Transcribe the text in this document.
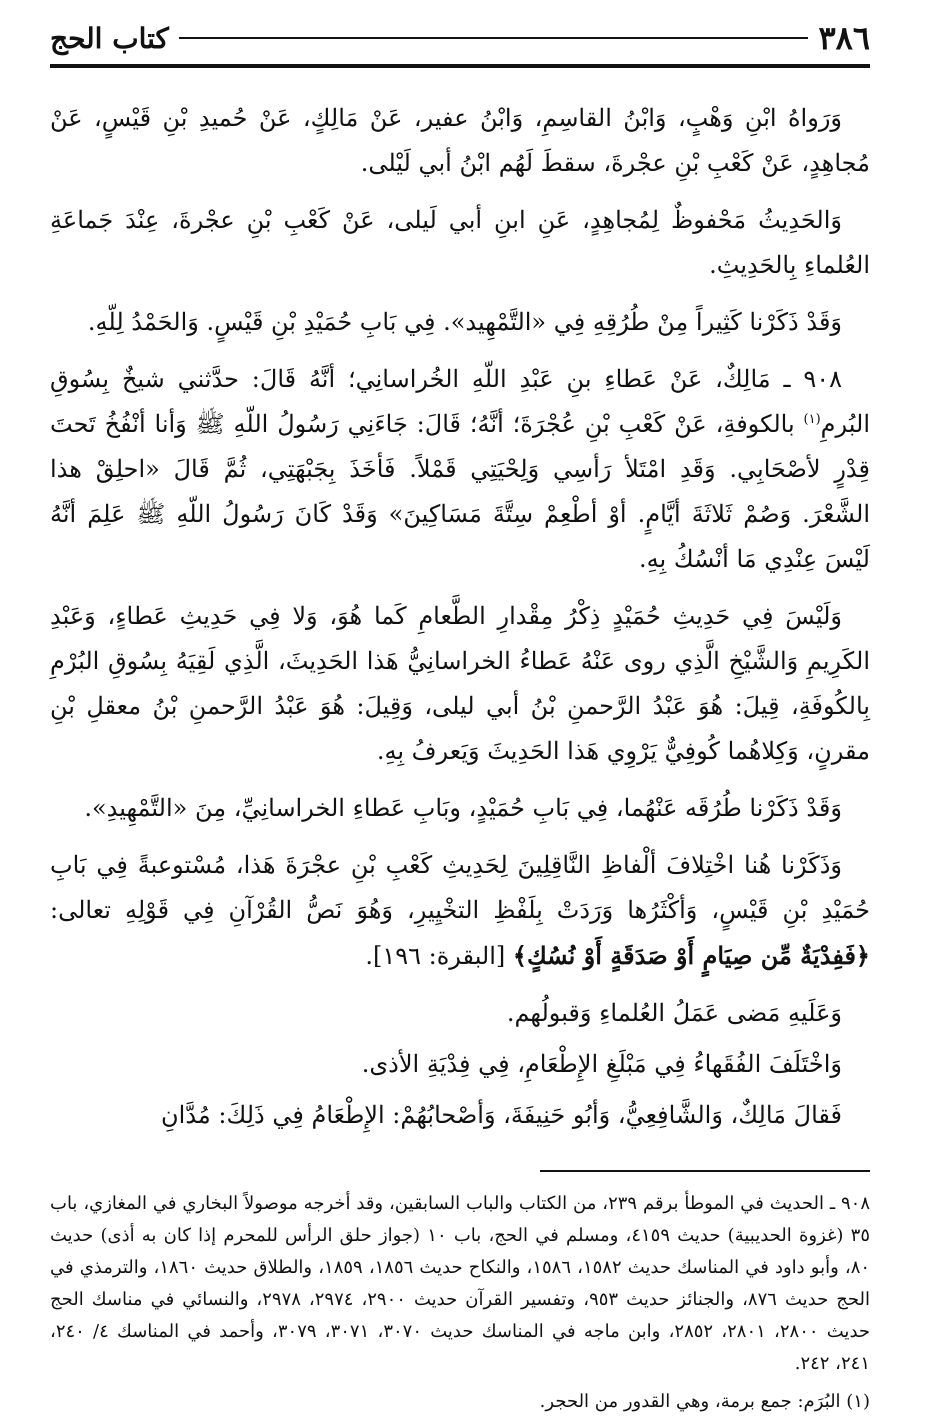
٣٨٦
كتاب الحج

وَرَواهُ ابْنِ وَهْبٍ، وَابْنُ القاسِمِ، وَابْنُ عفير، عَنْ مَالِكٍ، عَنْ حُميدِ بْنِ قَيْسٍ، عَنْ مُجاهِدٍ، عَنْ كَعْبِ بْنِ عجْرةَ، سقطَ لَهُم ابْنُ أبي لَيْلى.

وَالحَدِيثُ مَحْفوظٌ لِمُجاهِدٍ، عَنِ ابنِ أبي لَيلى، عَنْ كَعْبِ بْنِ عجْرةَ، عِنْدَ جَماعَةِ العُلماءِ بِالحَدِيثِ.

وَقَدْ ذَكَرْنا كَثِيراً مِنْ طُرُقِهِ فِي «التَّمْهِيد». فِي بَابِ حُمَيْدِ بْنِ قَيْسٍ. وَالحَمْدُ لِلّهِ.

٩٠٨ ـ مَالِكٌ، عَنْ عَطاءِ بنِ عَبْدِ اللّهِ الخُراسانِي؛ أنَّهُ قَالَ: حدَّثني شيخٌ بِسُوقِ البُرمِ$^{(١)}$ بالكوفةِ، عَنْ كَعْبِ بْنِ عُجْرَةَ؛ أنَّهُ؛ قَالَ: جَاءَنِي رَسُولُ اللّهِ ﷺ وَأنا أنْفُخُ تَحتَ قِدْرٍ لأصْحَابِي. وَقَدِ امْتَلأ رَأسِي وَلِحْيَتِي قَمْلاً. فَأخَذَ بِجَبْهَتِي، ثُمَّ قَالَ «احلِقْ هذا الشَّعْرَ. وَصُمْ ثَلاثَةَ أيَّامٍ. أوْ أطْعِمْ سِتَّةَ مَسَاكِينَ» وَقَدْ كَانَ رَسُولُ اللّهِ ﷺ عَلِمَ أنَّهُ لَيْسَ عِنْدِي مَا أنْسُكُ بِهِ.

وَلَيْسَ فِي حَدِيثِ حُمَيْدٍ ذِكْرُ مِقْدارِ الطَّعامِ كَما هُوَ، وَلا فِي حَدِيثِ عَطاءٍ، وَعَبْدِ الكَرِيمِ وَالشَّيْخِ الَّذِي روى عَنْهُ عَطاءُ الخراسانِيُّ هَذا الحَدِيثَ، الَّذِي لَقِيَهُ بِسُوقِ البُرْمِ بِالكُوفَةِ، قِيلَ: هُوَ عَبْدُ الرَّحمنِ بْنُ أبي ليلى، وَقِيلَ: هُوَ عَبْدُ الرَّحمنِ بْنُ معقلِ بْنِ مقرنٍ، وَكِلاهُما كُوفِيٌّ يَرْوِي هَذا الحَدِيثَ وَيَعرفُ بِهِ.

وَقَدْ ذَكَرْنا طُرُقَه عَنْهُما، فِي بَابِ حُمَيْدٍ، وبَابِ عَطاءِ الخراسانِيِّ، مِنَ «التَّمْهِيدِ».

وَذَكَرْنا هُنا اخْتِلافَ ألْفاظِ النَّاقِلِينَ لِحَدِيثِ كَعْبِ بْنِ عجْرَةَ هَذا، مُسْتوعبةً فِي بَابِ حُمَيْدِ بْنِ قَيْسٍ، وَأكْثَرُها وَرَدَتْ بِلَفْظِ التخْيِيرِ، وَهُوَ نَصُّ القُرْآنِ فِي قَوْلِهِ تعالى: ﴿فَفِدْيَةٌ مِّن صِيَامٍ أَوْ صَدَقَةٍ أَوْ نُسُكٍ﴾ [البقرة: ١٩٦].

وَعَلَيهِ مَضى عَمَلُ العُلماءِ وَقبولُهم.

وَاخْتَلَفَ الفُقَهاءُ فِي مَبْلَغِ الإِطْعَامِ، فِي فِدْيَةِ الأذى.

فَقالَ مَالِكٌ، وَالشَّافِعِيُّ، وَأبُو حَنِيفَةَ، وَأصْحابُهُمْ: الإِطْعَامُ فِي ذَلِكَ: مُدَّانِ

٩٠٨ ـ الحديث في الموطأ برقم ٢٣٩، من الكتاب والباب السابقين، وقد أخرجه موصولاً البخاري في المغازي، باب ٣٥ (غزوة الحديبية) حديث ٤١٥٩، ومسلم في الحج، باب ١٠ (جواز حلق الرأس للمحرم إذا كان به أذى) حديث ٨٠، وأبو داود في المناسك حديث ١٥٨٢، ١٥٨٦، والنكاح حديث ١٨٥٦، ١٨٥٩، والطلاق حديث ١٨٦٠، والترمذي في الحج حديث ٨٧٦، والجنائز حديث ٩٥٣، وتفسير القرآن حديث ٢٩٠٠، ٢٩٧٤، ٢٩٧٨، والنسائي في مناسك الحج حديث ٢٨٠٠، ٢٨٠١، ٢٨٥٢، وابن ماجه في المناسك حديث ٣٠٧٠، ٣٠٧١، ٣٠٧٩، وأحمد في المناسك ٤/ ٢٤٠، ٢٤١، ٢٤٢.

(١) البُرَم: جمع برمة، وهي القدور من الحجر.
